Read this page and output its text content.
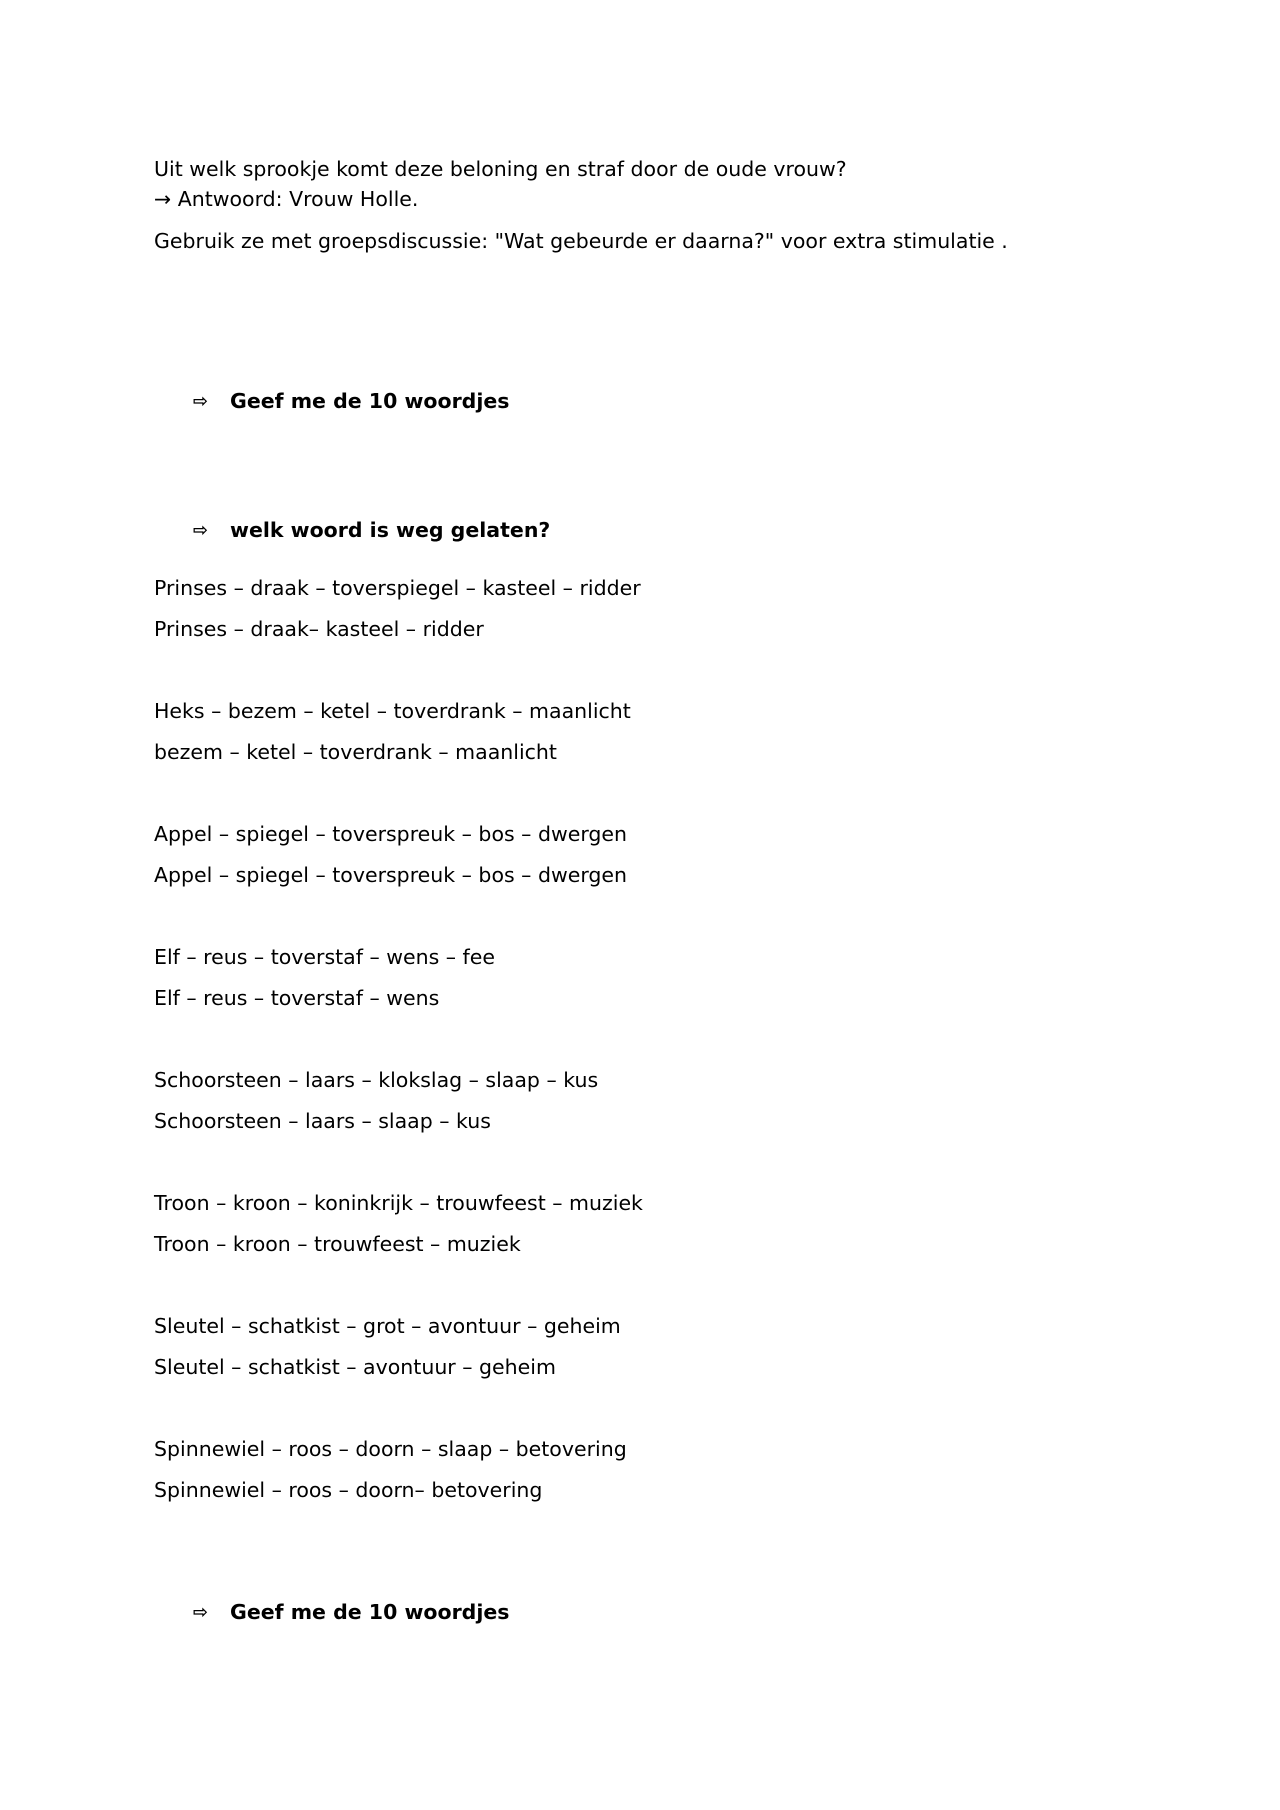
Uit welk sprookje komt deze beloning en straf door de oude vrouw?

→ Antwoord: Vrouw Holle.

Gebruik ze met groepsdiscussie: "Wat gebeurde er daarna?" voor extra stimulatie .

⇨	Geef me de 10 woordjes
⇨	welk woord is weg gelaten?
Prinses – draak – toverspiegel – kasteel – ridder
Prinses – draak– kasteel – ridder
Heks – bezem – ketel – toverdrank – maanlicht
bezem – ketel – toverdrank – maanlicht
Appel – spiegel – toverspreuk – bos – dwergen
Appel – spiegel – toverspreuk – bos – dwergen
Elf – reus – toverstaf – wens – fee
Elf – reus – toverstaf – wens
Schoorsteen – laars – klokslag – slaap – kus
Schoorsteen – laars – slaap – kus
Troon – kroon – koninkrijk – trouwfeest – muziek
Troon – kroon – trouwfeest – muziek
Sleutel – schatkist – grot – avontuur – geheim
Sleutel – schatkist – avontuur – geheim
Spinnewiel – roos – doorn – slaap – betovering
Spinnewiel – roos – doorn– betovering
⇨	Geef me de 10 woordjes
